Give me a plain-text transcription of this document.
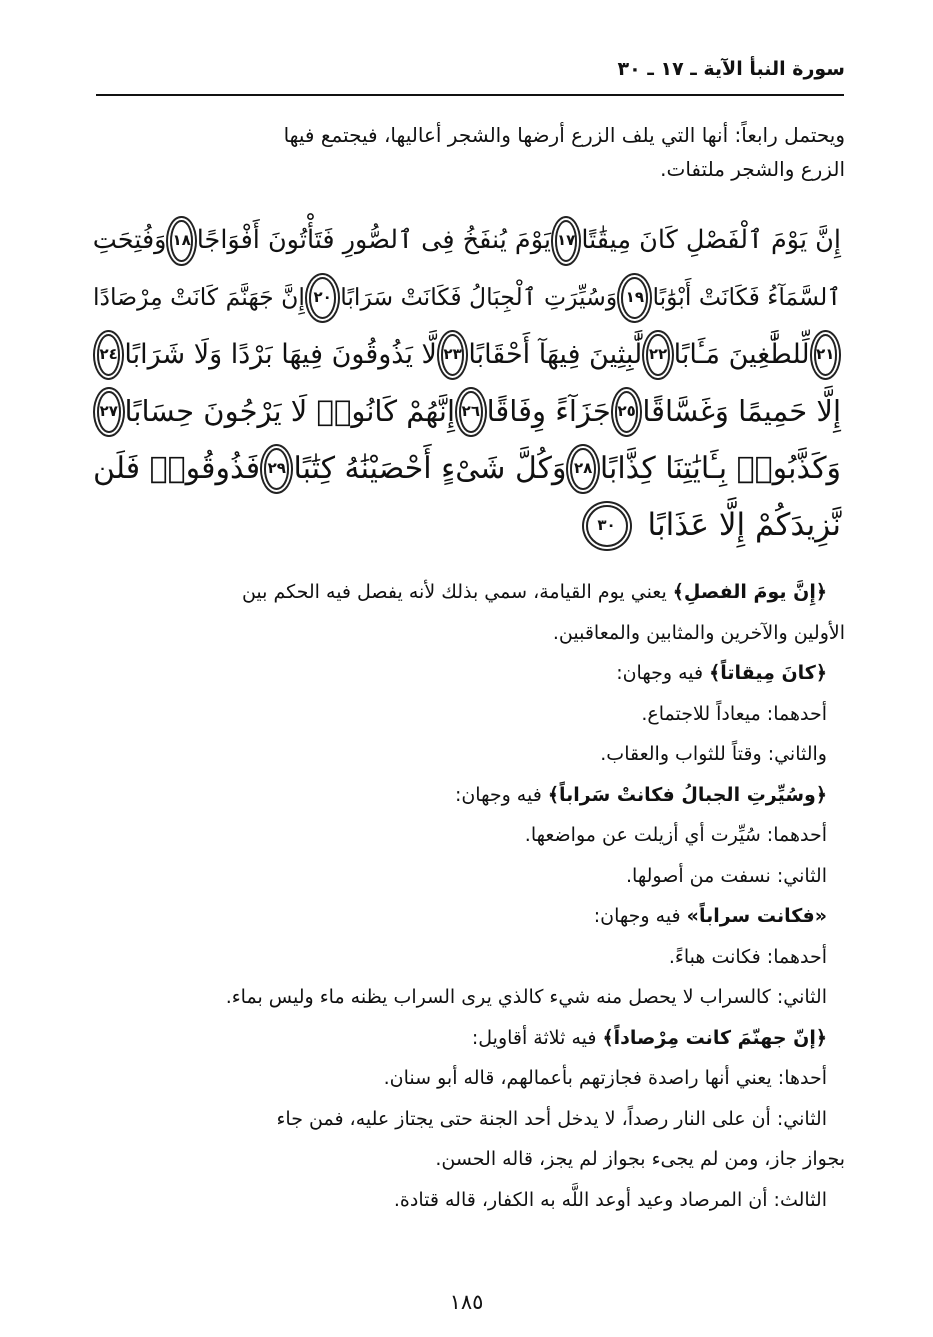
سورة النبأ الآية ـ ١٧ ـ ٣٠
ويحتمل رابعاً: أنها التي يلف الزرع أرضها والشجر أعاليها، فيجتمع فيها
الزرع والشجر ملتفات.
إِنَّ يَوْمَ ٱلْفَصْلِ كَانَ مِيقَٰتًا
١٧
يَوْمَ يُنفَخُ فِى ٱلصُّورِ فَتَأْتُونَ أَفْوَاجًا
١٨
وَفُتِحَتِ
ٱلسَّمَآءُ فَكَانَتْ أَبْوَٰبًا
١٩
وَسُيِّرَتِ ٱلْجِبَالُ فَكَانَتْ سَرَابًا
٢٠
إِنَّ جَهَنَّمَ كَانَتْ مِرْصَادًا
٢١
لِّلطَّٰغِينَ مَـَٔابًا
٢٢
لَّٰبِثِينَ فِيهَآ أَحْقَابًا
٢٣
لَّا يَذُوقُونَ فِيهَا بَرْدًا وَلَا شَرَابًا
٢٤
إِلَّا حَمِيمًا وَغَسَّاقًا
٢٥
جَزَآءً وِفَاقًا
٢٦
إِنَّهُمْ كَانُوا۟ لَا يَرْجُونَ حِسَابًا
٢٧
وَكَذَّبُوا۟ بِـَٔايَٰتِنَا كِذَّابًا
٢٨
وَكُلَّ شَىْءٍ أَحْصَيْنَٰهُ كِتَٰبًا
٢٩
فَذُوقُوا۟ فَلَن
نَّزِيدَكُمْ إِلَّا عَذَابًا
٣٠
﴿إِنَّ يومَ الفصلِ﴾ يعني يوم القيامة، سمي بذلك لأنه يفصل فيه الحكم بين
الأولين والآخرين والمثابين والمعاقبين.
﴿كانَ مِيقاتاً﴾ فيه وجهان:
أحدهما: ميعاداً للاجتماع.
والثاني: وقتاً للثواب والعقاب.
﴿وسُيِّرتِ الجبالُ فكانتْ سَراباً﴾ فيه وجهان:
أحدهما: سُيِّرت أي أزيلت عن مواضعها.
الثاني: نسفت من أصولها.
«فكانت سراباً» فيه وجهان:
أحدهما: فكانت هباءً.
الثاني: كالسراب لا يحصل منه شيء كالذي يرى السراب يظنه ماء وليس بماء.
﴿إنّ جهنّمَ كانت مِرْصاداً﴾ فيه ثلاثة أقاويل:
أحدها: يعني أنها راصدة فجازتهم بأعمالهم، قاله أبو سنان.
الثاني: أن على النار رصداً، لا يدخل أحد الجنة حتى يجتاز عليه، فمن جاء
بجواز جاز، ومن لم يجىء بجواز لم يجز، قاله الحسن.
الثالث: أن المرصاد وعيد أوعد اللَّه به الكفار، قاله قتادة.
١٨٥
